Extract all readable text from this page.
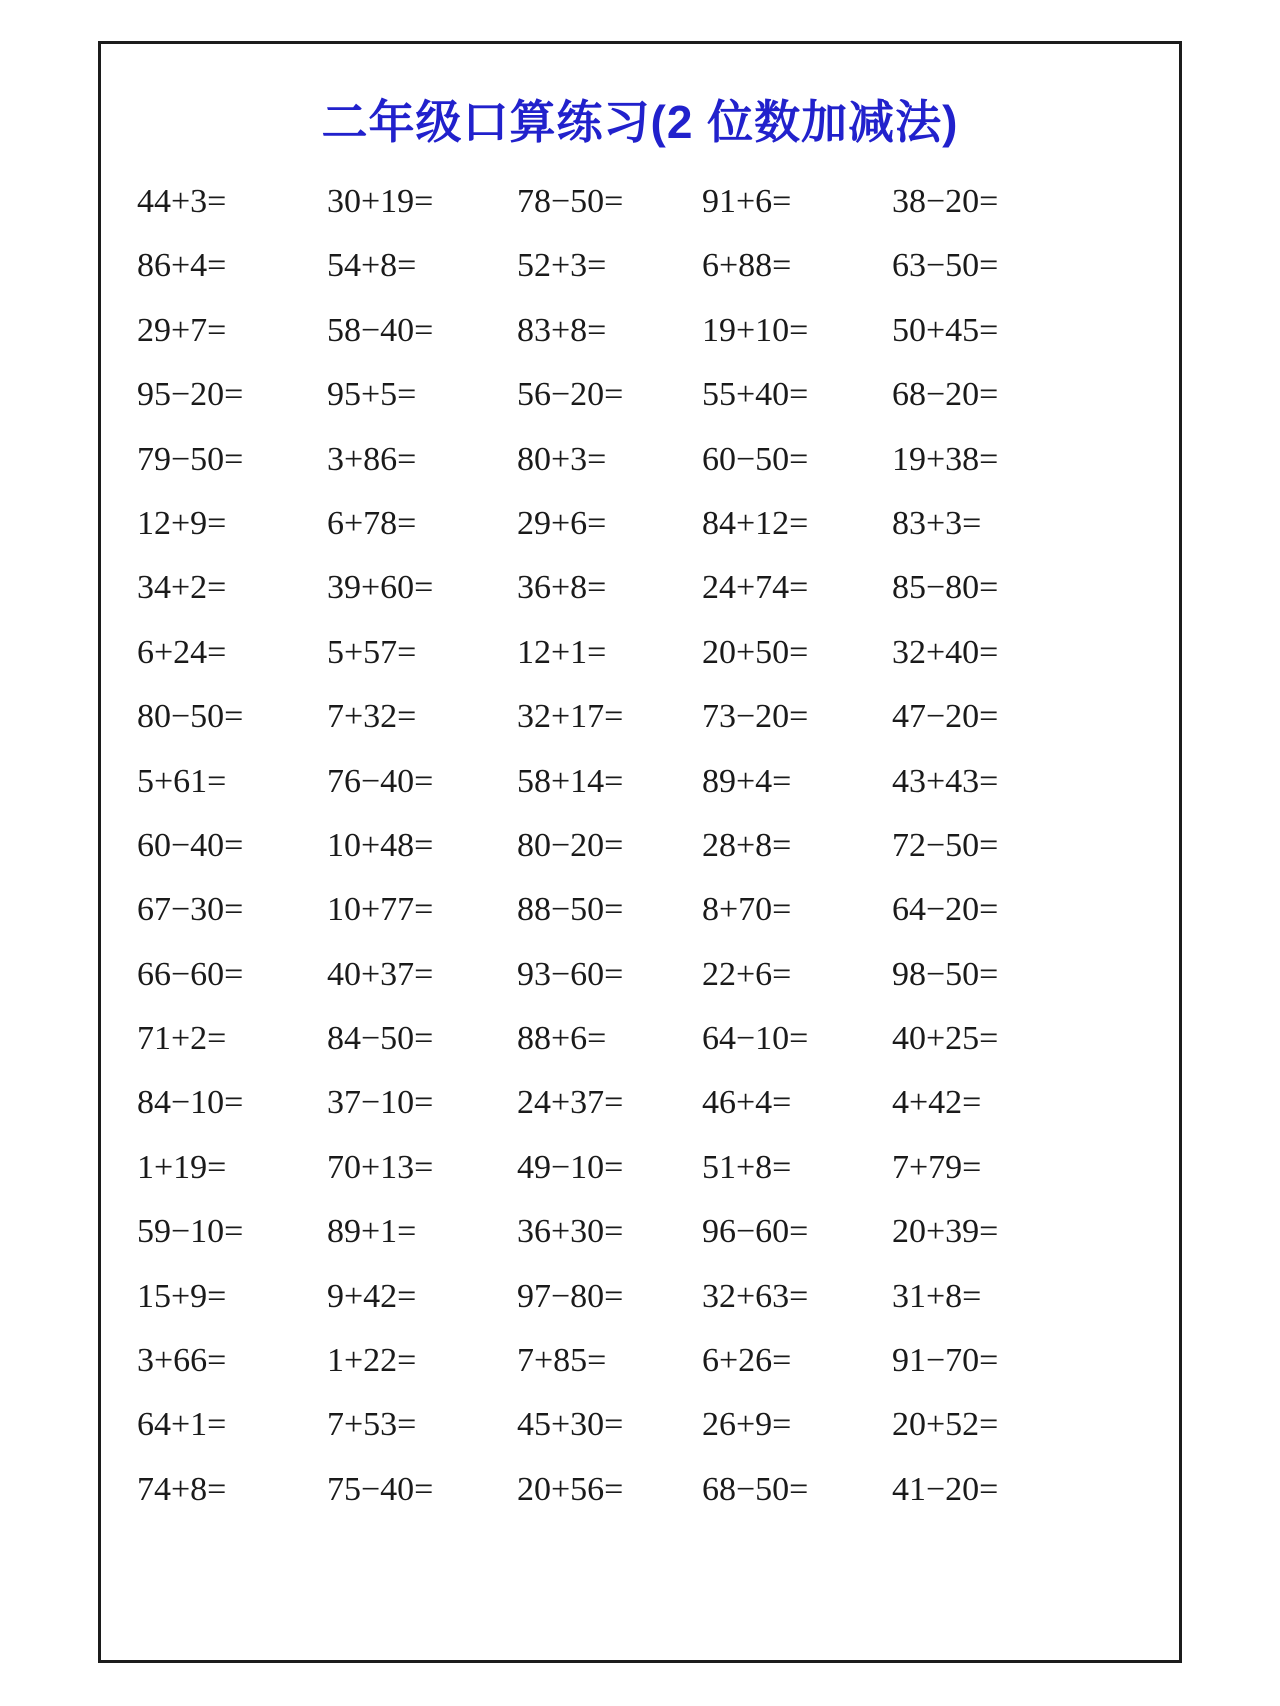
二年级口算练习(2 位数加减法)
44+3=	30+19=	78−50=	91+6=	38−20=
86+4=	54+8=	52+3=	6+88=	63−50=
29+7=	58−40=	83+8=	19+10=	50+45=
95−20=	95+5=	56−20=	55+40=	68−20=
79−50=	3+86=	80+3=	60−50=	19+38=
12+9=	6+78=	29+6=	84+12=	83+3=
34+2=	39+60=	36+8=	24+74=	85−80=
6+24=	5+57=	12+1=	20+50=	32+40=
80−50=	7+32=	32+17=	73−20=	47−20=
5+61=	76−40=	58+14=	89+4=	43+43=
60−40=	10+48=	80−20=	28+8=	72−50=
67−30=	10+77=	88−50=	8+70=	64−20=
66−60=	40+37=	93−60=	22+6=	98−50=
71+2=	84−50=	88+6=	64−10=	40+25=
84−10=	37−10=	24+37=	46+4=	4+42=
1+19=	70+13=	49−10=	51+8=	7+79=
59−10=	89+1=	36+30=	96−60=	20+39=
15+9=	9+42=	97−80=	32+63=	31+8=
3+66=	1+22=	7+85=	6+26=	91−70=
64+1=	7+53=	45+30=	26+9=	20+52=
74+8=	75−40=	20+56=	68−50=	41−20=
